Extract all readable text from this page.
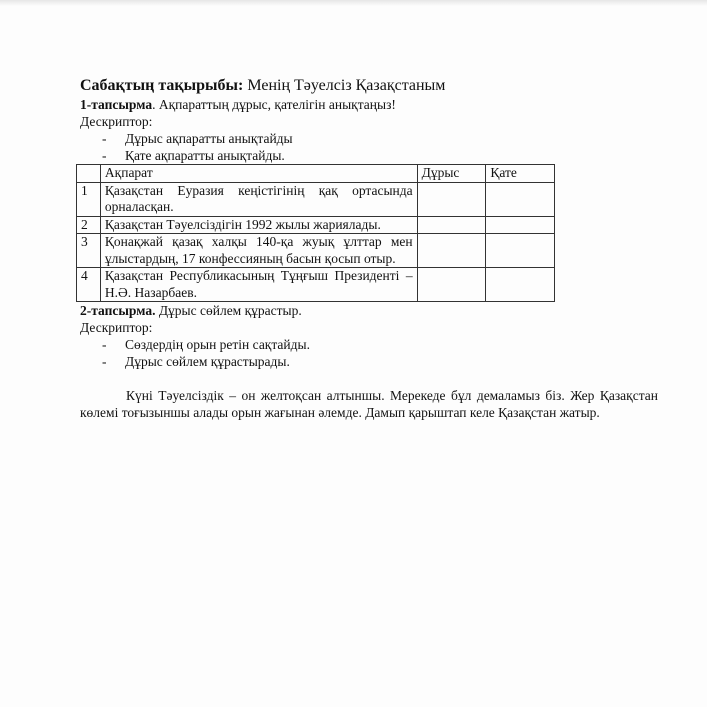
Сабақтың тақырыбы: Менің Тәуелсіз Қазақстаным

1-тапсырма. Ақпараттың дұрыс, қателігін анықтаңыз!

Дескриптор:

- Дұрыс ақпаратты анықтайды
- Қате ақпаратты анықтайды.
	Ақпарат	Дұрыс	Қате
1	Қазақстан Еуразия кеңістігінің қақ ортасында орналасқан.		
2	Қазақстан Тәуелсіздігін 1992 жылы жариялады.		
3	Қонақжай қазақ халқы 140-қа жуық ұлттар мен ұлыстардың, 17 конфессияның басын қосып отыр.		
4	Қазақстан Республикасының Тұңғыш Президенті – Н.Ә. Назарбаев.		

2-тапсырма. Дұрыс сөйлем құрастыр.

Дескриптор:

- Сөздердің орын ретін сақтайды.
- Дұрыс сөйлем құрастырады.

Күні Тәуелсіздік – он желтоқсан алтыншы. Мерекеде бұл демаламыз біз. Жер Қазақстан көлемі тоғызыншы алады орын жағынан әлемде. Дамып қарыштап келе Қазақстан жатыр.
